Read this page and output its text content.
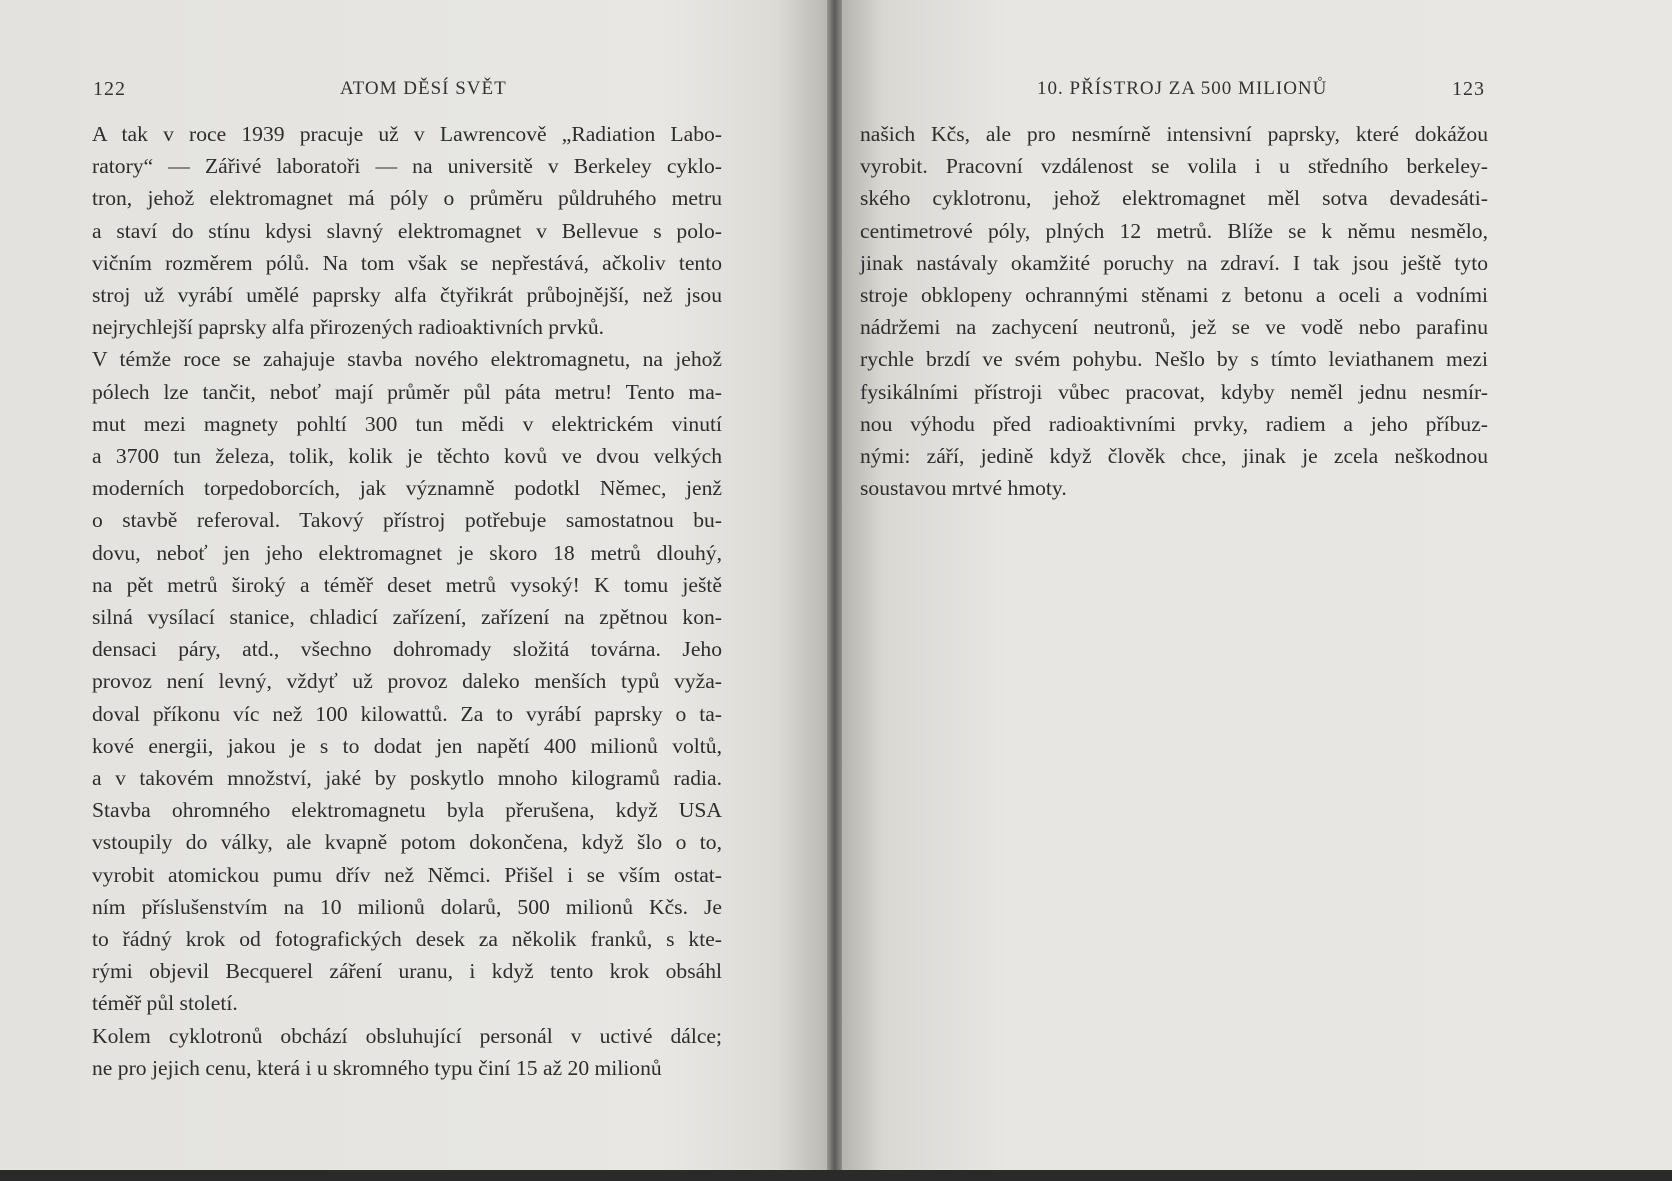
122	ATOM DĚSÍ SVĚT
A tak v roce 1939 pracuje už v Lawrencově „Radiation Labo-
ratory“ — Zářivé laboratoři — na universitě v Berkeley cyklo-
tron, jehož elektromagnet má póly o průměru půldruhého metru
a staví do stínu kdysi slavný elektromagnet v Bellevue s polo-
vičním rozměrem pólů. Na tom však se nepřestává, ačkoliv tento
stroj už vyrábí umělé paprsky alfa čtyřikrát průbojnější, než jsou
nejrychlejší paprsky alfa přirozených radioaktivních prvků.
V témže roce se zahajuje stavba nového elektromagnetu, na jehož
pólech lze tančit, neboť mají průměr půl páta metru! Tento ma-
mut mezi magnety pohltí 300 tun mědi v elektrickém vinutí
a 3700 tun železa, tolik, kolik je těchto kovů ve dvou velkých
moderních torpedoborcích, jak významně podotkl Němec, jenž
o stavbě referoval. Takový přístroj potřebuje samostatnou bu-
dovu, neboť jen jeho elektromagnet je skoro 18 metrů dlouhý,
na pět metrů široký a téměř deset metrů vysoký! K tomu ještě
silná vysílací stanice, chladicí zařízení, zařízení na zpětnou kon-
densaci páry, atd., všechno dohromady složitá továrna. Jeho
provoz není levný, vždyť už provoz daleko menších typů vyža-
doval příkonu víc než 100 kilowattů. Za to vyrábí paprsky o ta-
kové energii, jakou je s to dodat jen napětí 400 milionů voltů,
a v takovém množství, jaké by poskytlo mnoho kilogramů radia.
Stavba ohromného elektromagnetu byla přerušena, když USA
vstoupily do války, ale kvapně potom dokončena, když šlo o to,
vyrobit atomickou pumu dřív než Němci. Přišel i se vším ostat-
ním příslušenstvím na 10 milionů dolarů, 500 milionů Kčs. Je
to řádný krok od fotografických desek za několik franků, s kte-
rými objevil Becquerel záření uranu, i když tento krok obsáhl
téměř půl století.
Kolem cyklotronů obchází obsluhující personál v uctivé dálce;
ne pro jejich cenu, která i u skromného typu činí 15 až 20 milionů
10. PŘÍSTROJ ZA 500 MILIONŮ	123
našich Kčs, ale pro nesmírně intensivní paprsky, které dokážou
vyrobit. Pracovní vzdálenost se volila i u středního berkeley-
ského cyklotronu, jehož elektromagnet měl sotva devadesáti-
centimetrové póly, plných 12 metrů. Blíže se k němu nesmělo,
jinak nastávaly okamžité poruchy na zdraví. I tak jsou ještě tyto
stroje obklopeny ochrannými stěnami z betonu a oceli a vodními
nádržemi na zachycení neutronů, jež se ve vodě nebo parafinu
rychle brzdí ve svém pohybu. Nešlo by s tímto leviathanem mezi
fysikálními přístroji vůbec pracovat, kdyby neměl jednu nesmír-
nou výhodu před radioaktivními prvky, radiem a jeho příbuz-
nými: září, jedině když člověk chce, jinak je zcela neškodnou
soustavou mrtvé hmoty.
